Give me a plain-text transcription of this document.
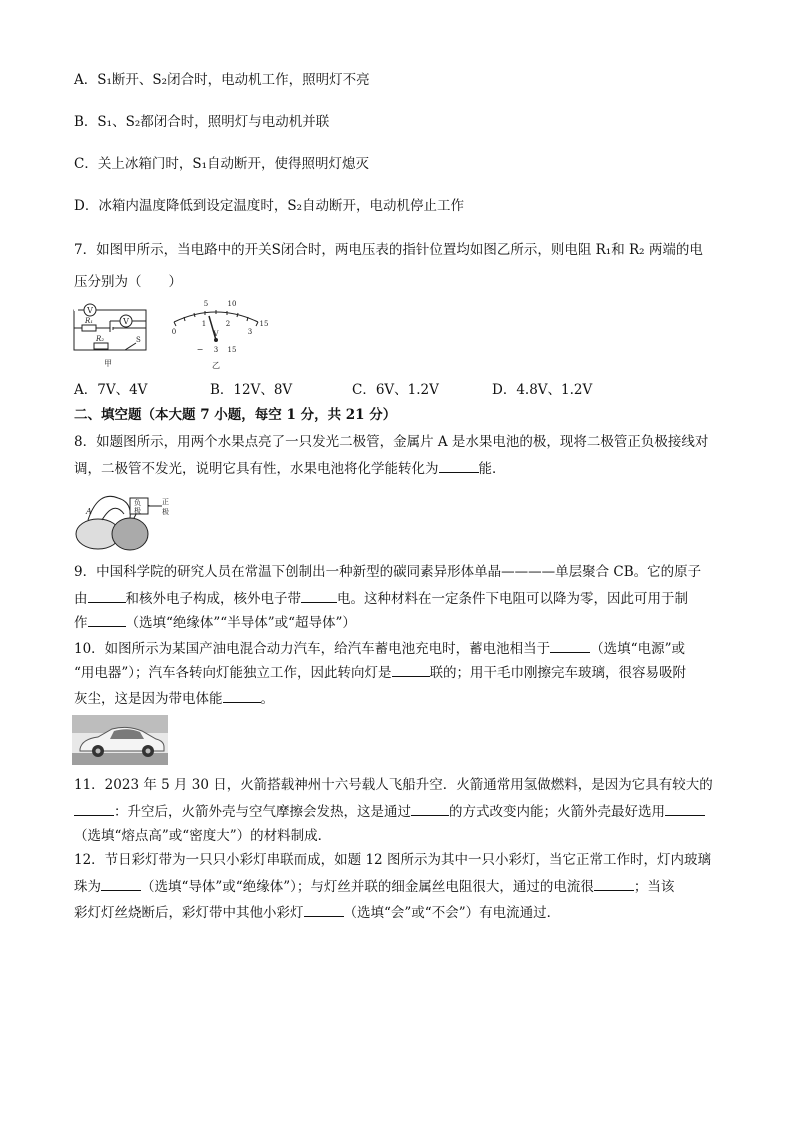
A．S₁断开、S₂闭合时，电动机工作，照明灯不亮
B．S₁、S₂都闭合时，照明灯与电动机并联
C．关上冰箱门时，S₁自动断开，使得照明灯熄灭
D．冰箱内温度降低到设定温度时，S₂自动断开，电动机停止工作
7．如图甲所示，当电路中的开关S闭合时，两电压表的指针位置均如图乙所示，则电阻 R₁和 R₂ 两端的电
压分别为（　　）
V
V
R₁
R₂	S
甲
5	10
0
1	2
3
15
V
− 3 15
乙
A．7V、4V	B．12V、8V	C．6V、1.2V	D．4.8V、1.2V
二、填空题（本大题 7 小题，每空 1 分，共 21 分）
8．如题图所示，用两个水果点亮了一只发光二极管，金属片 A 是水果电池的极，现将二极管正负极接线对
调，二极管不发光，说明它具有性，水果电池将化学能转化为	能．
A
负
极
正
极
9．中国科学院的研究人员在常温下创制出一种新型的碳同素异形体单晶————单层聚合 CB。它的原子
由	和核外电子构成，核外电子带	电。这种材料在一定条件下电阻可以降为零，因此可用于制
作	（选填“绝缘体”“半导体”或“超导体”）
10．如图所示为某国产油电混合动力汽车，给汽车蓄电池充电时，蓄电池相当于	（选填“电源”或
“用电器”）；汽车各转向灯能独立工作，因此转向灯是	联的；用干毛巾刚擦完车玻璃，很容易吸附
灰尘，这是因为带电体能	。
11．2023 年 5 月 30 日，火箭搭载神州十六号载人飞船升空．火箭通常用氢做燃料，是因为它具有较大的
：升空后，火箭外壳与空气摩擦会发热，这是通过	的方式改变内能；火箭外壳最好选用
（选填“熔点高”或“密度大”）的材料制成．
12．节日彩灯带为一只只小彩灯串联而成，如题 12 图所示为其中一只小彩灯，当它正常工作时，灯内玻璃
珠为	（选填“导体”或“绝缘体”）；与灯丝并联的细金属丝电阻很大，通过的电流很	；当该
彩灯灯丝烧断后，彩灯带中其他小彩灯	（选填“会”或“不会”）有电流通过．
